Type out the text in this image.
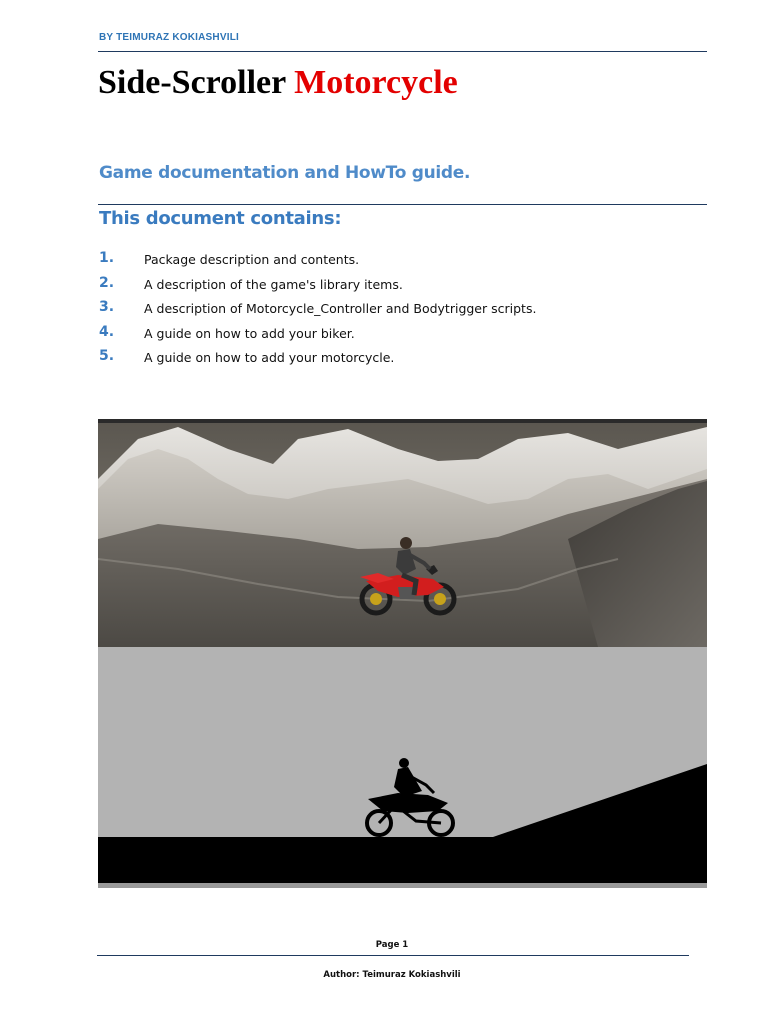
BY TEIMURAZ KOKIASHVILI
Side-Scroller Motorcycle
Game documentation and HowTo guide.
This document contains:
1. Package description and contents.
2. A description of the game's library items.
3. A description of Motorcycle_Controller and Bodytrigger scripts.
4. A guide on how to add your biker.
5. A guide on how to add your motorcycle.
Page 1
Author: Teimuraz Kokiashvili
